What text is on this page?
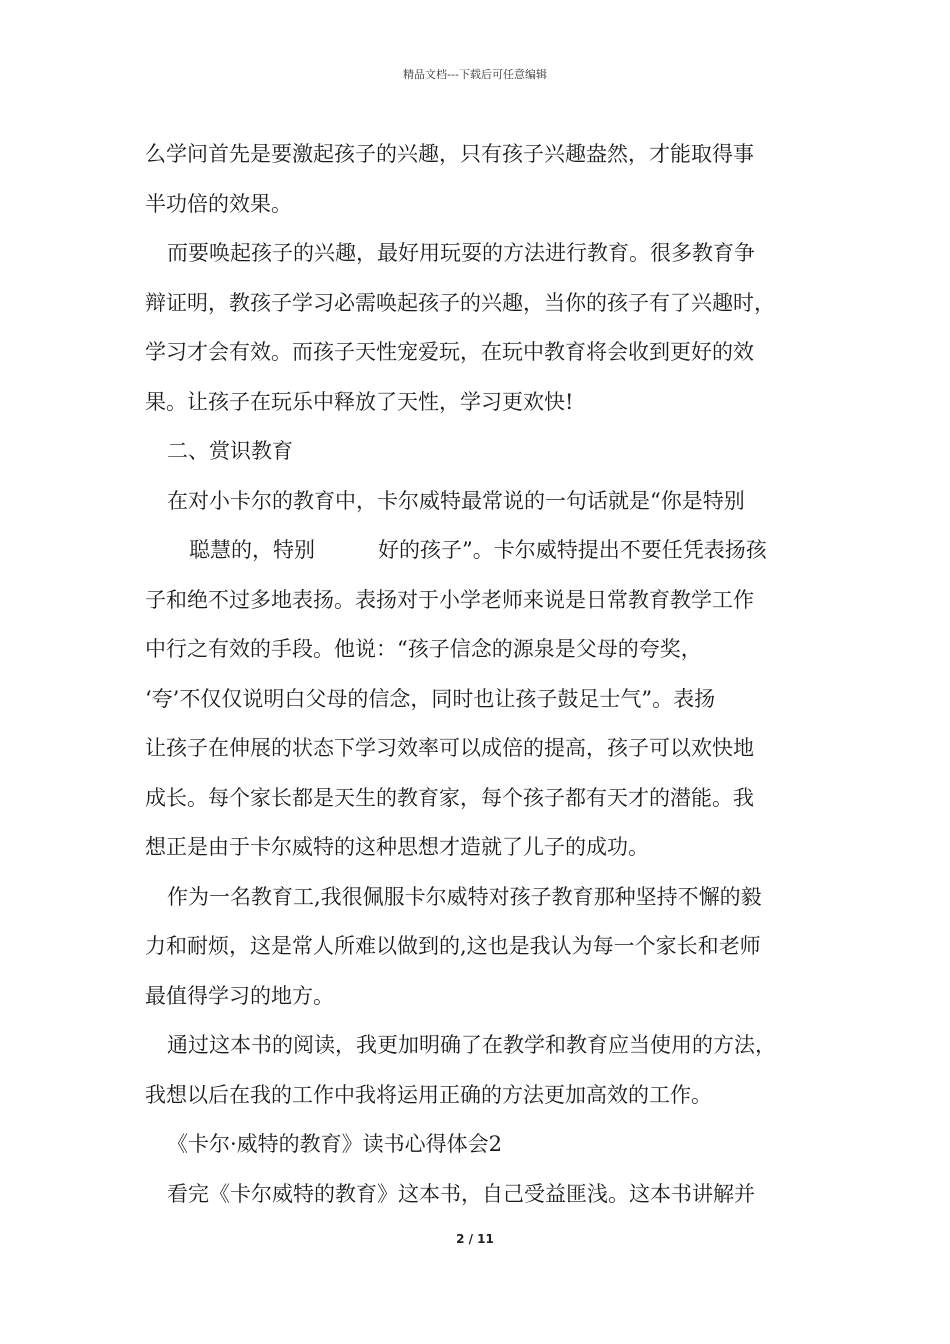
精品文档---下载后可任意编辑
么学问首先是要激起孩子的兴趣，只有孩子兴趣盎然，才能取得事
半功倍的效果。
而要唤起孩子的兴趣，最好用玩耍的方法进行教育。很多教育争
辩证明，教孩子学习必需唤起孩子的兴趣，当你的孩子有了兴趣时，
学习才会有效。而孩子天性宠爱玩，在玩中教育将会收到更好的效
果。让孩子在玩乐中释放了天性，学习更欢快!
二、赏识教育
在对小卡尔的教育中，卡尔威特最常说的一句话就是“你是特别
聪慧的，特别　　　好的孩子”。卡尔威特提出不要任凭表扬孩
子和绝不过多地表扬。表扬对于小学老师来说是日常教育教学工作
中行之有效的手段。他说：“孩子信念的源泉是父母的夸奖，
‘夸’不仅仅说明白父母的信念，同时也让孩子鼓足士气”。表扬
让孩子在伸展的状态下学习效率可以成倍的提高，孩子可以欢快地
成长。每个家长都是天生的教育家，每个孩子都有天才的潜能。我
想正是由于卡尔威特的这种思想才造就了儿子的成功。
作为一名教育工,我很佩服卡尔威特对孩子教育那种坚持不懈的毅
力和耐烦，这是常人所难以做到的,这也是我认为每一个家长和老师
最值得学习的地方。
通过这本书的阅读，我更加明确了在教学和教育应当使用的方法，
我想以后在我的工作中我将运用正确的方法更加高效的工作。
《卡尔·威特的教育》读书心得体会2
看完《卡尔威特的教育》这本书，自己受益匪浅。这本书讲解并
2 / 11
